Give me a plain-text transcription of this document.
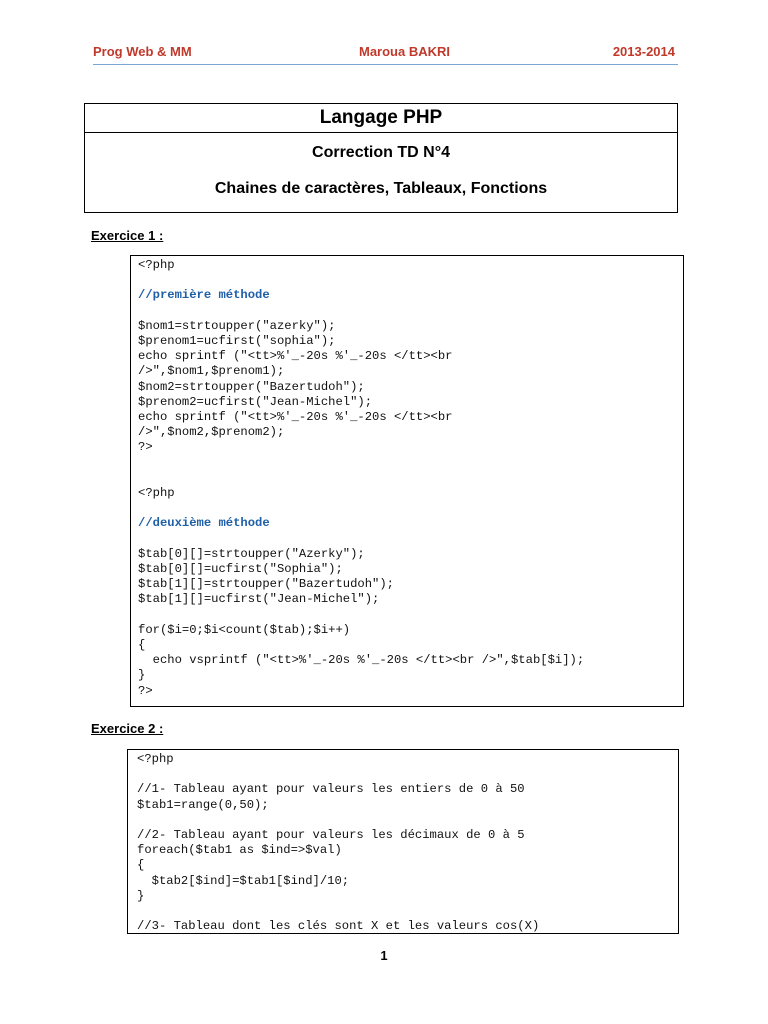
Prog Web & MM	Maroua BAKRI	2013-2014
Langage PHP
Correction TD N°4
Chaines de caractères, Tableaux, Fonctions
Exercice 1 :
<?php

//première méthode

$nom1=strtoupper("azerky");
$prenom1=ucfirst("sophia");
echo sprintf ("<tt>%'_-20s %'_-20s </tt><br
/>",$nom1,$prenom1);
$nom2=strtoupper("Bazertudoh");
$prenom2=ucfirst("Jean-Michel");
echo sprintf ("<tt>%'_-20s %'_-20s </tt><br
/>",$nom2,$prenom2);
?>

<?php

//deuxième méthode

$tab[0][]=strtoupper("Azerky");
$tab[0][]=ucfirst("Sophia");
$tab[1][]=strtoupper("Bazertudoh");
$tab[1][]=ucfirst("Jean-Michel");

for($i=0;$i<count($tab);$i++)
{
echo vsprintf ("<tt>%'_-20s %'_-20s </tt><br />",$tab[$i]);
}
?>
Exercice 2 :
<?php

//1- Tableau ayant pour valeurs les entiers de 0 à 50
$tab1=range(0,50);

//2- Tableau ayant pour valeurs les décimaux de 0 à 5
foreach($tab1 as $ind=>$val)
{
$tab2[$ind]=$tab1[$ind]/10;
}

//3- Tableau dont les clés sont X et les valeurs cos(X)
1
